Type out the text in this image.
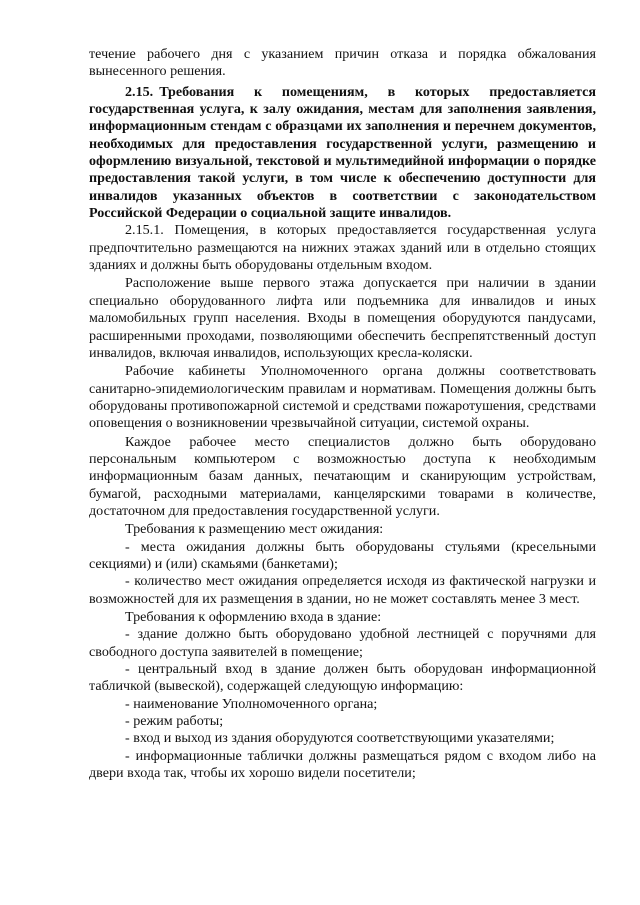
течение рабочего дня с указанием причин отказа и порядка обжалования вынесенного решения.

2.15. Требования к помещениям, в которых предоставляется государственная услуга, к залу ожидания, местам для заполнения заявления, информационным стендам с образцами их заполнения и перечнем документов, необходимых для предоставления государственной услуги, размещению и оформлению визуальной, текстовой и мультимедийной информации о порядке предоставления такой услуги, в том числе к обеспечению доступности для инвалидов указанных объектов в соответствии с законодательством Российской Федерации о социальной защите инвалидов.

2.15.1. Помещения, в которых предоставляется государственная услуга предпочтительно размещаются на нижних этажах зданий или в отдельно стоящих зданиях и должны быть оборудованы отдельным входом.

Расположение выше первого этажа допускается при наличии в здании специально оборудованного лифта или подъемника для инвалидов и иных маломобильных групп населения. Входы в помещения оборудуются пандусами, расширенными проходами, позволяющими обеспечить беспрепятственный доступ инвалидов, включая инвалидов, использующих кресла-коляски.

Рабочие кабинеты Уполномоченного органа должны соответствовать санитарно-эпидемиологическим правилам и нормативам. Помещения должны быть оборудованы противопожарной системой и средствами пожаротушения, средствами оповещения о возникновении чрезвычайной ситуации, системой охраны.

Каждое рабочее место специалистов должно быть оборудовано персональным компьютером с возможностью доступа к необходимым информационным базам данных, печатающим и сканирующим устройствам, бумагой, расходными материалами, канцелярскими товарами в количестве, достаточном для предоставления государственной услуги.

Требования к размещению мест ожидания:

- места ожидания должны быть оборудованы стульями (кресельными секциями) и (или) скамьями (банкетами);

- количество мест ожидания определяется исходя из фактической нагрузки и возможностей для их размещения в здании, но не может составлять менее 3 мест.

Требования к оформлению входа в здание:

- здание должно быть оборудовано удобной лестницей с поручнями для свободного доступа заявителей в помещение;

- центральный вход в здание должен быть оборудован информационной табличкой (вывеской), содержащей следующую информацию:

- наименование Уполномоченного органа;

- режим работы;

- вход и выход из здания оборудуются соответствующими указателями;

- информационные таблички должны размещаться рядом с входом либо на двери входа так, чтобы их хорошо видели посетители;
